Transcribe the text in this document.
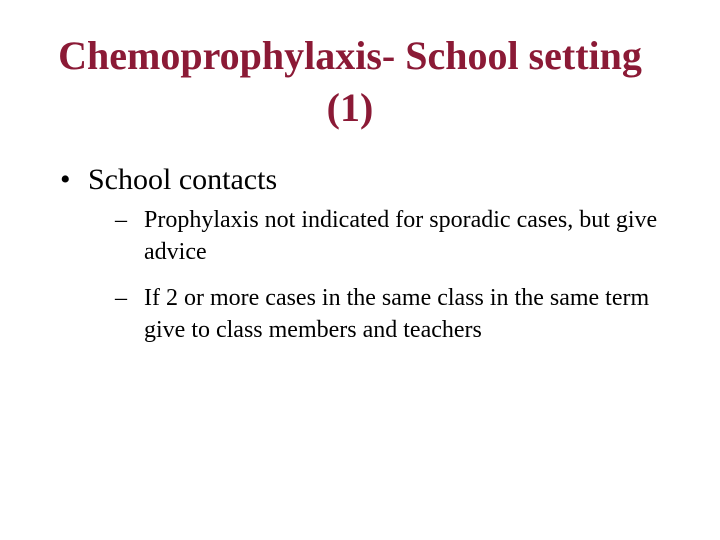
Chemoprophylaxis- School setting
(1)
• School contacts
– Prophylaxis not indicated for sporadic cases, but give advice
– If 2 or more cases in the same class in the same term give to class members and teachers
